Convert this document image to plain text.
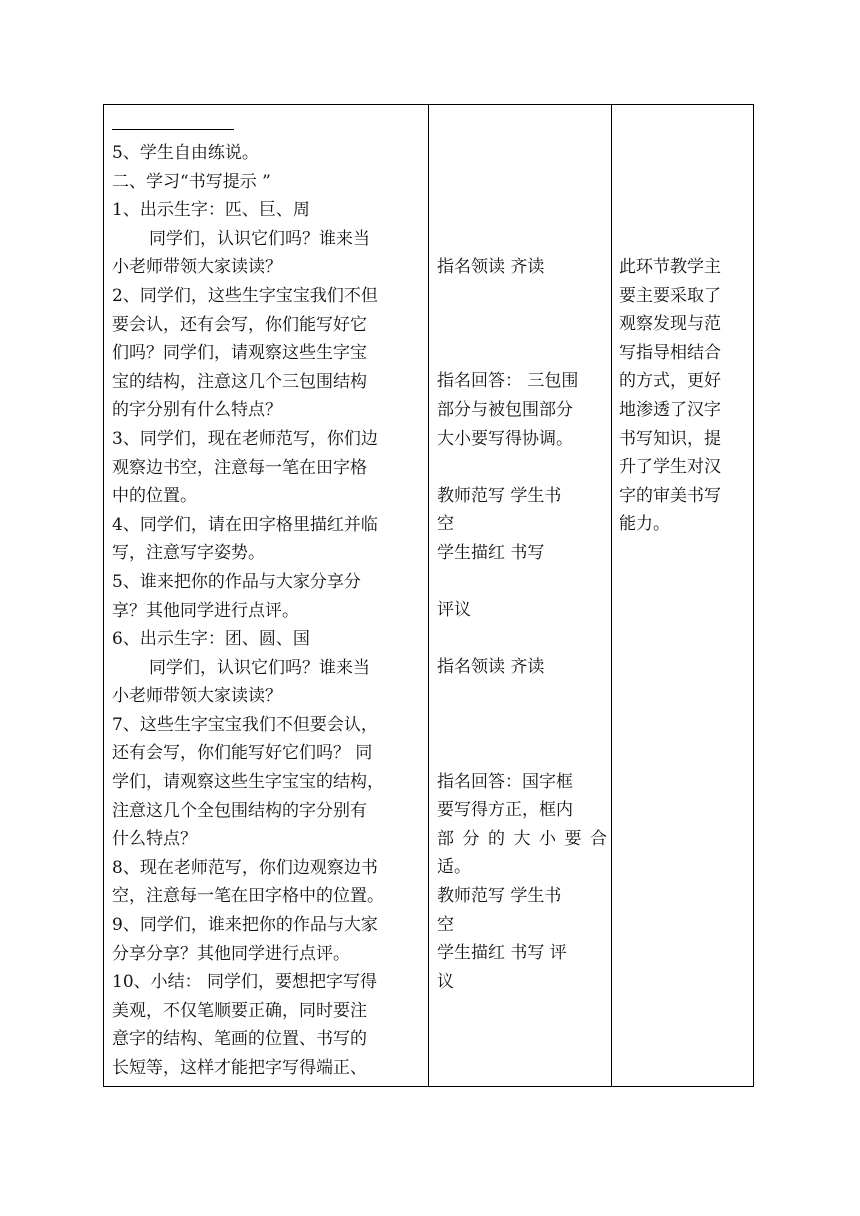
5、学生自由练说。
二、学习“书写提示 ”
1、出示生字：匹、巨、周
同学们，认识它们吗？谁来当
小老师带领大家读读？
2、同学们，这些生字宝宝我们不但
要会认，还有会写，你们能写好它
们吗？同学们，请观察这些生字宝
宝的结构，注意这几个三包围结构
的字分别有什么特点？
3、同学们，现在老师范写，你们边
观察边书空，注意每一笔在田字格
中的位置。
4、同学们，请在田字格里描红并临
写，注意写字姿势。
5、谁来把你的作品与大家分享分
享？其他同学进行点评。
6、出示生字：团、圆、国
同学们，认识它们吗？谁来当
小老师带领大家读读？
7、这些生字宝宝我们不但要会认，
还有会写，你们能写好它们吗？ 同
学们，请观察这些生字宝宝的结构，
注意这几个全包围结构的字分别有
什么特点？
8、现在老师范写，你们边观察边书
空，注意每一笔在田字格中的位置。
9、同学们，谁来把你的作品与大家
分享分享？其他同学进行点评。
10、小结： 同学们，要想把字写得
美观，不仅笔顺要正确，同时要注
意字的结构、笔画的位置、书写的
长短等，这样才能把字写得端正、
指名领读 齐读
指名回答： 三包围
部分与被包围部分
大小要写得协调。
教师范写 学生书
空
学生描红 书写
评议
指名领读 齐读
指名回答：国字框
要写得方正，框内
部分的大小要合
适。
教师范写 学生书
空
学生描红 书写 评
议
此环节教学主
要主要采取了
观察发现与范
写指导相结合
的方式，更好
地渗透了汉字
书写知识，提
升了学生对汉
字的审美书写
能力。
